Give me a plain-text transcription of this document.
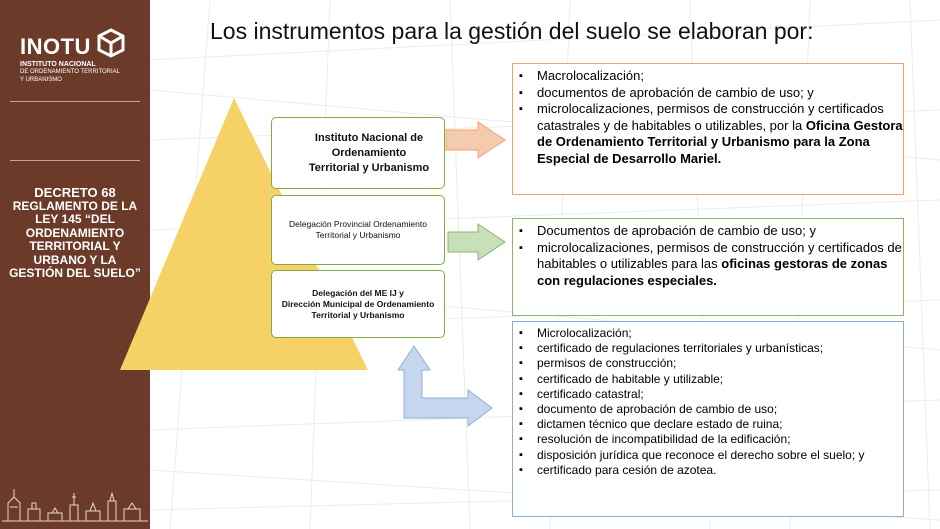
INOTU
INSTITUTO NACIONAL
DE ORDENAMIENTO TERRITORIAL
Y URBANISMO
DECRETO 68
REGLAMENTO DE LA LEY 145 “DEL ORDENAMIENTO TERRITORIAL Y URBANO Y LA GESTIÓN DEL SUELO”
Los instrumentos para la gestión del suelo se elaboran por:
Instituto Nacional de Ordenamiento Territorial y Urbanismo
Delegación Provincial Ordenamiento Territorial y Urbanismo
Delegación del ME IJ y
Dirección Municipal de Ordenamiento Territorial y Urbanismo
▪ Macrolocalización;
▪ documentos de aprobación de cambio de uso; y
▪ microlocalizaciones, permisos de construcción y certificados catastrales y de habitables o utilizables, por la Oficina Gestora de Ordenamiento Territorial y Urbanismo para la Zona Especial de Desarrollo Mariel.
▪ Documentos de aprobación de cambio de uso; y
▪ microlocalizaciones, permisos de construcción y certificados de habitables o utilizables para las oficinas gestoras de zonas con regulaciones especiales.
▪ Microlocalización;
▪ certificado de regulaciones territoriales y urbanísticas;
▪ permisos de construcción;
▪ certificado de habitable y utilizable;
▪ certificado catastral;
▪ documento de aprobación de cambio de uso;
▪ dictamen técnico que declare estado de ruina;
▪ resolución de incompatibilidad de la edificación;
▪ disposición jurídica que reconoce el derecho sobre el suelo; y
▪ certificado para cesión de azotea.
